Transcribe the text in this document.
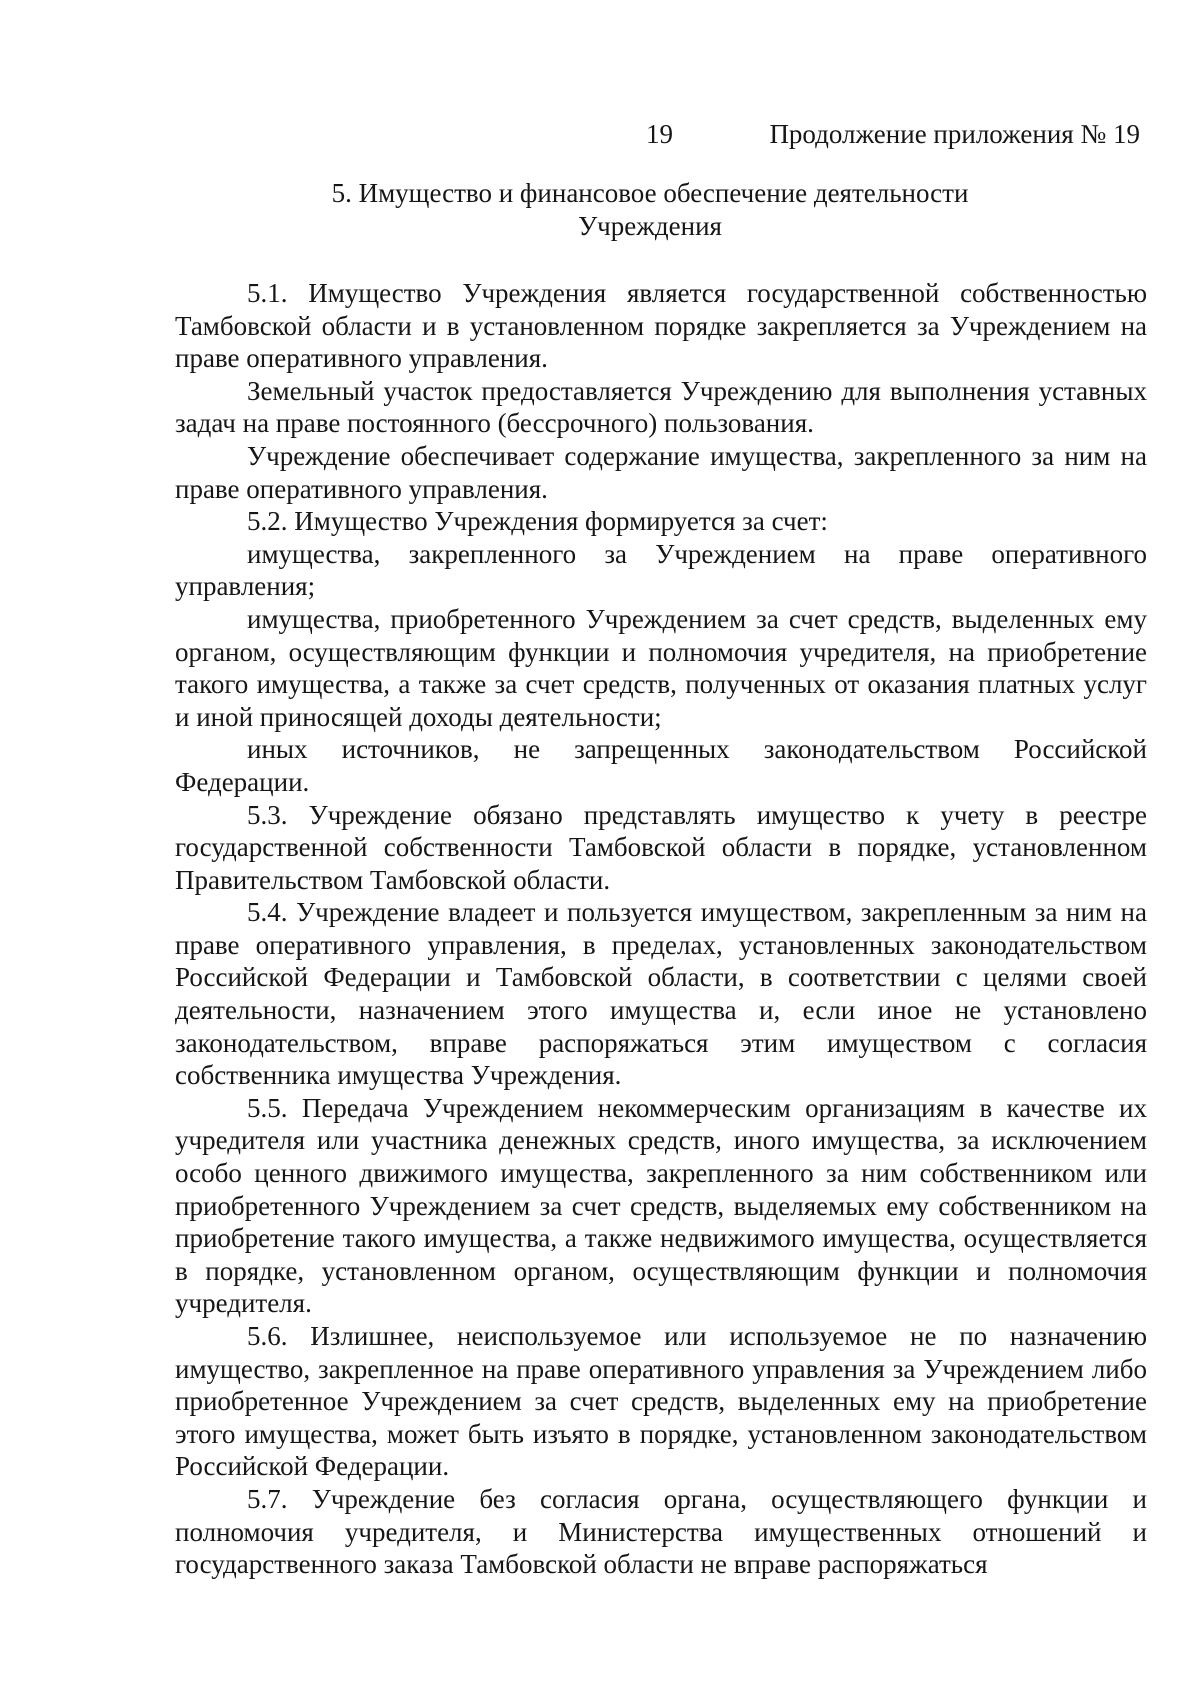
19	Продолжение приложения № 19
5. Имущество и финансовое обеспечение деятельности
Учреждения

5.1. Имущество Учреждения является государственной собственностью Тамбовской области и в установленном порядке закрепляется за Учреждением на праве оперативного управления.

Земельный участок предоставляется Учреждению для выполнения уставных задач на праве постоянного (бессрочного) пользования.

Учреждение обеспечивает содержание имущества, закрепленного за ним на праве оперативного управления.

5.2. Имущество Учреждения формируется за счет:

имущества, закрепленного за Учреждением на праве оперативного управления;

имущества, приобретенного Учреждением за счет средств, выделенных ему органом, осуществляющим функции и полномочия учредителя, на приобретение такого имущества, а также за счет средств, полученных от оказания платных услуг и иной приносящей доходы деятельности;

иных источников, не запрещенных законодательством Российской Федерации.

5.3. Учреждение обязано представлять имущество к учету в реестре государственной собственности Тамбовской области в порядке, установленном Правительством Тамбовской области.

5.4. Учреждение владеет и пользуется имуществом, закрепленным за ним на праве оперативного управления, в пределах, установленных законодательством Российской Федерации и Тамбовской области, в соответствии с целями своей деятельности, назначением этого имущества и, если иное не установлено законодательством, вправе распоряжаться этим имуществом с согласия собственника имущества Учреждения.

5.5. Передача Учреждением некоммерческим организациям в качестве их учредителя или участника денежных средств, иного имущества, за исключением особо ценного движимого имущества, закрепленного за ним собственником или приобретенного Учреждением за счет средств, выделяемых ему собственником на приобретение такого имущества, а также недвижимого имущества, осуществляется в порядке, установленном органом, осуществляющим функции и полномочия учредителя.

5.6. Излишнее, неиспользуемое или используемое не по назначению имущество, закрепленное на праве оперативного управления за Учреждением либо приобретенное Учреждением за счет средств, выделенных ему на приобретение этого имущества, может быть изъято в порядке, установленном законодательством Российской Федерации.

5.7. Учреждение без согласия органа, осуществляющего функции и полномочия учредителя, и Министерства имущественных отношений и государственного заказа Тамбовской области не вправе распоряжаться
